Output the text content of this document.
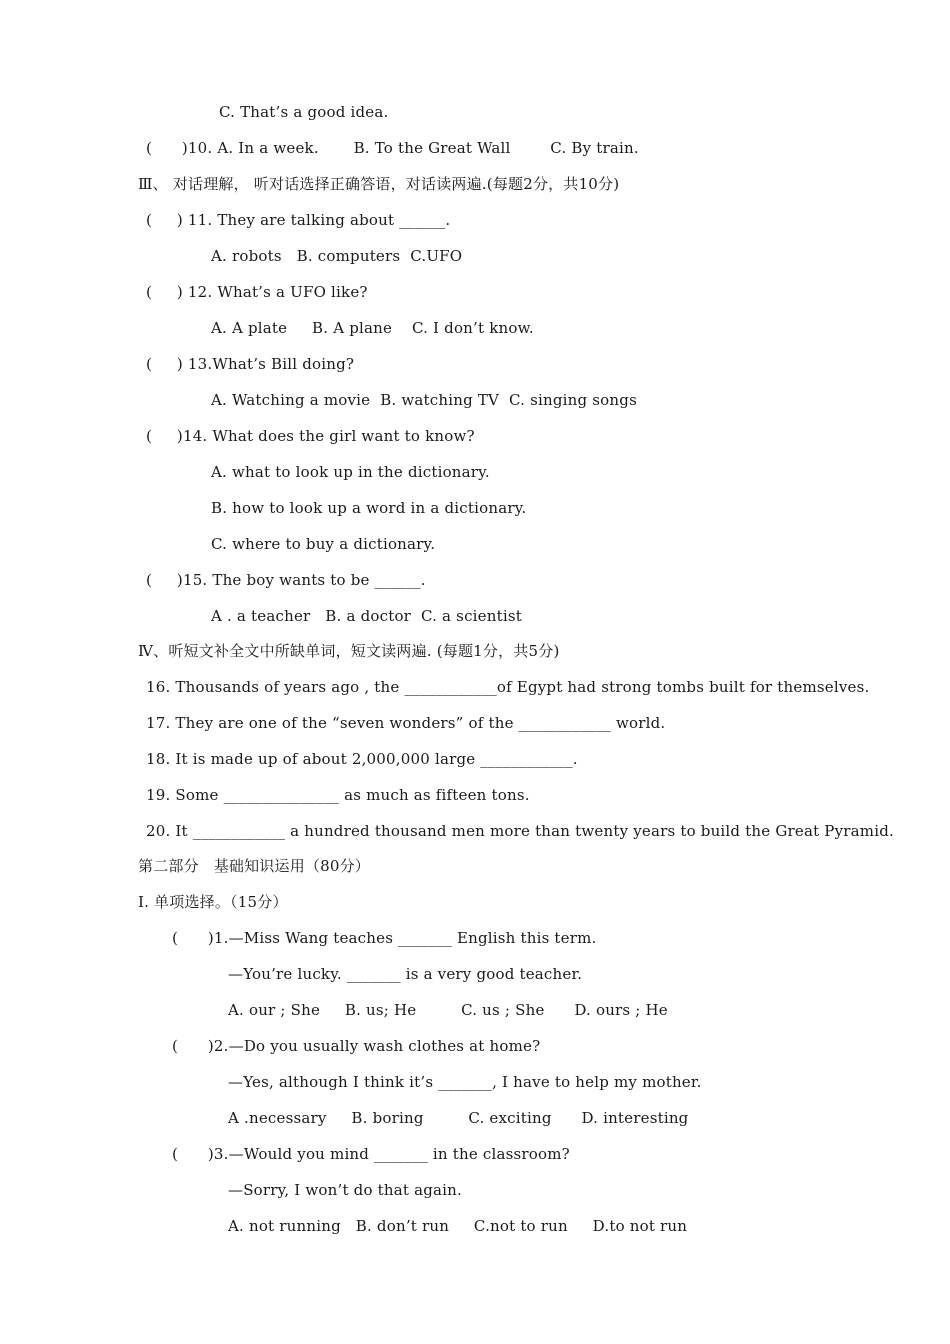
C. That’s a good idea.
(      )10. A. In a week.       B. To the Great Wall        C. By train.
Ⅲ、 对话理解， 听对话选择正确答语，对话读两遍.(每题2分，共10分)
(     ) 11. They are talking about ______.
A. robots   B. computers  C.UFO
(     ) 12. What’s a UFO like?
A. A plate     B. A plane    C. I don’t know.
(     ) 13.What’s Bill doing?
A. Watching a movie  B. watching TV  C. singing songs
(     )14. What does the girl want to know?
A. what to look up in the dictionary.
B. how to look up a word in a dictionary.
C. where to buy a dictionary.
(     )15. The boy wants to be ______.
A . a teacher   B. a doctor  C. a scientist
Ⅳ、听短文补全文中所缺单词，短文读两遍. (每题1分，共5分)
16. Thousands of years ago , the ____________of Egypt had strong tombs built for themselves.
17. They are one of the “seven wonders” of the ____________ world.
18. It is made up of about 2,000,000 large ____________.
19. Some _______________ as much as fifteen tons.
20. It ____________ a hundred thousand men more than twenty years to build the Great Pyramid.
第二部分   基础知识运用（80分）
Ⅰ. 单项选择。（15分）
(      )1.—Miss Wang teaches _______ English this term.
—You’re lucky. _______ is a very good teacher.
A. our ; She     B. us; He         C. us ; She      D. ours ; He
(      )2.—Do you usually wash clothes at home?
—Yes, although I think it’s _______, I have to help my mother.
A .necessary     B. boring         C. exciting      D. interesting
(      )3.—Would you mind _______ in the classroom?
—Sorry, I won’t do that again.
A. not running   B. don’t run     C.not to run     D.to not run
